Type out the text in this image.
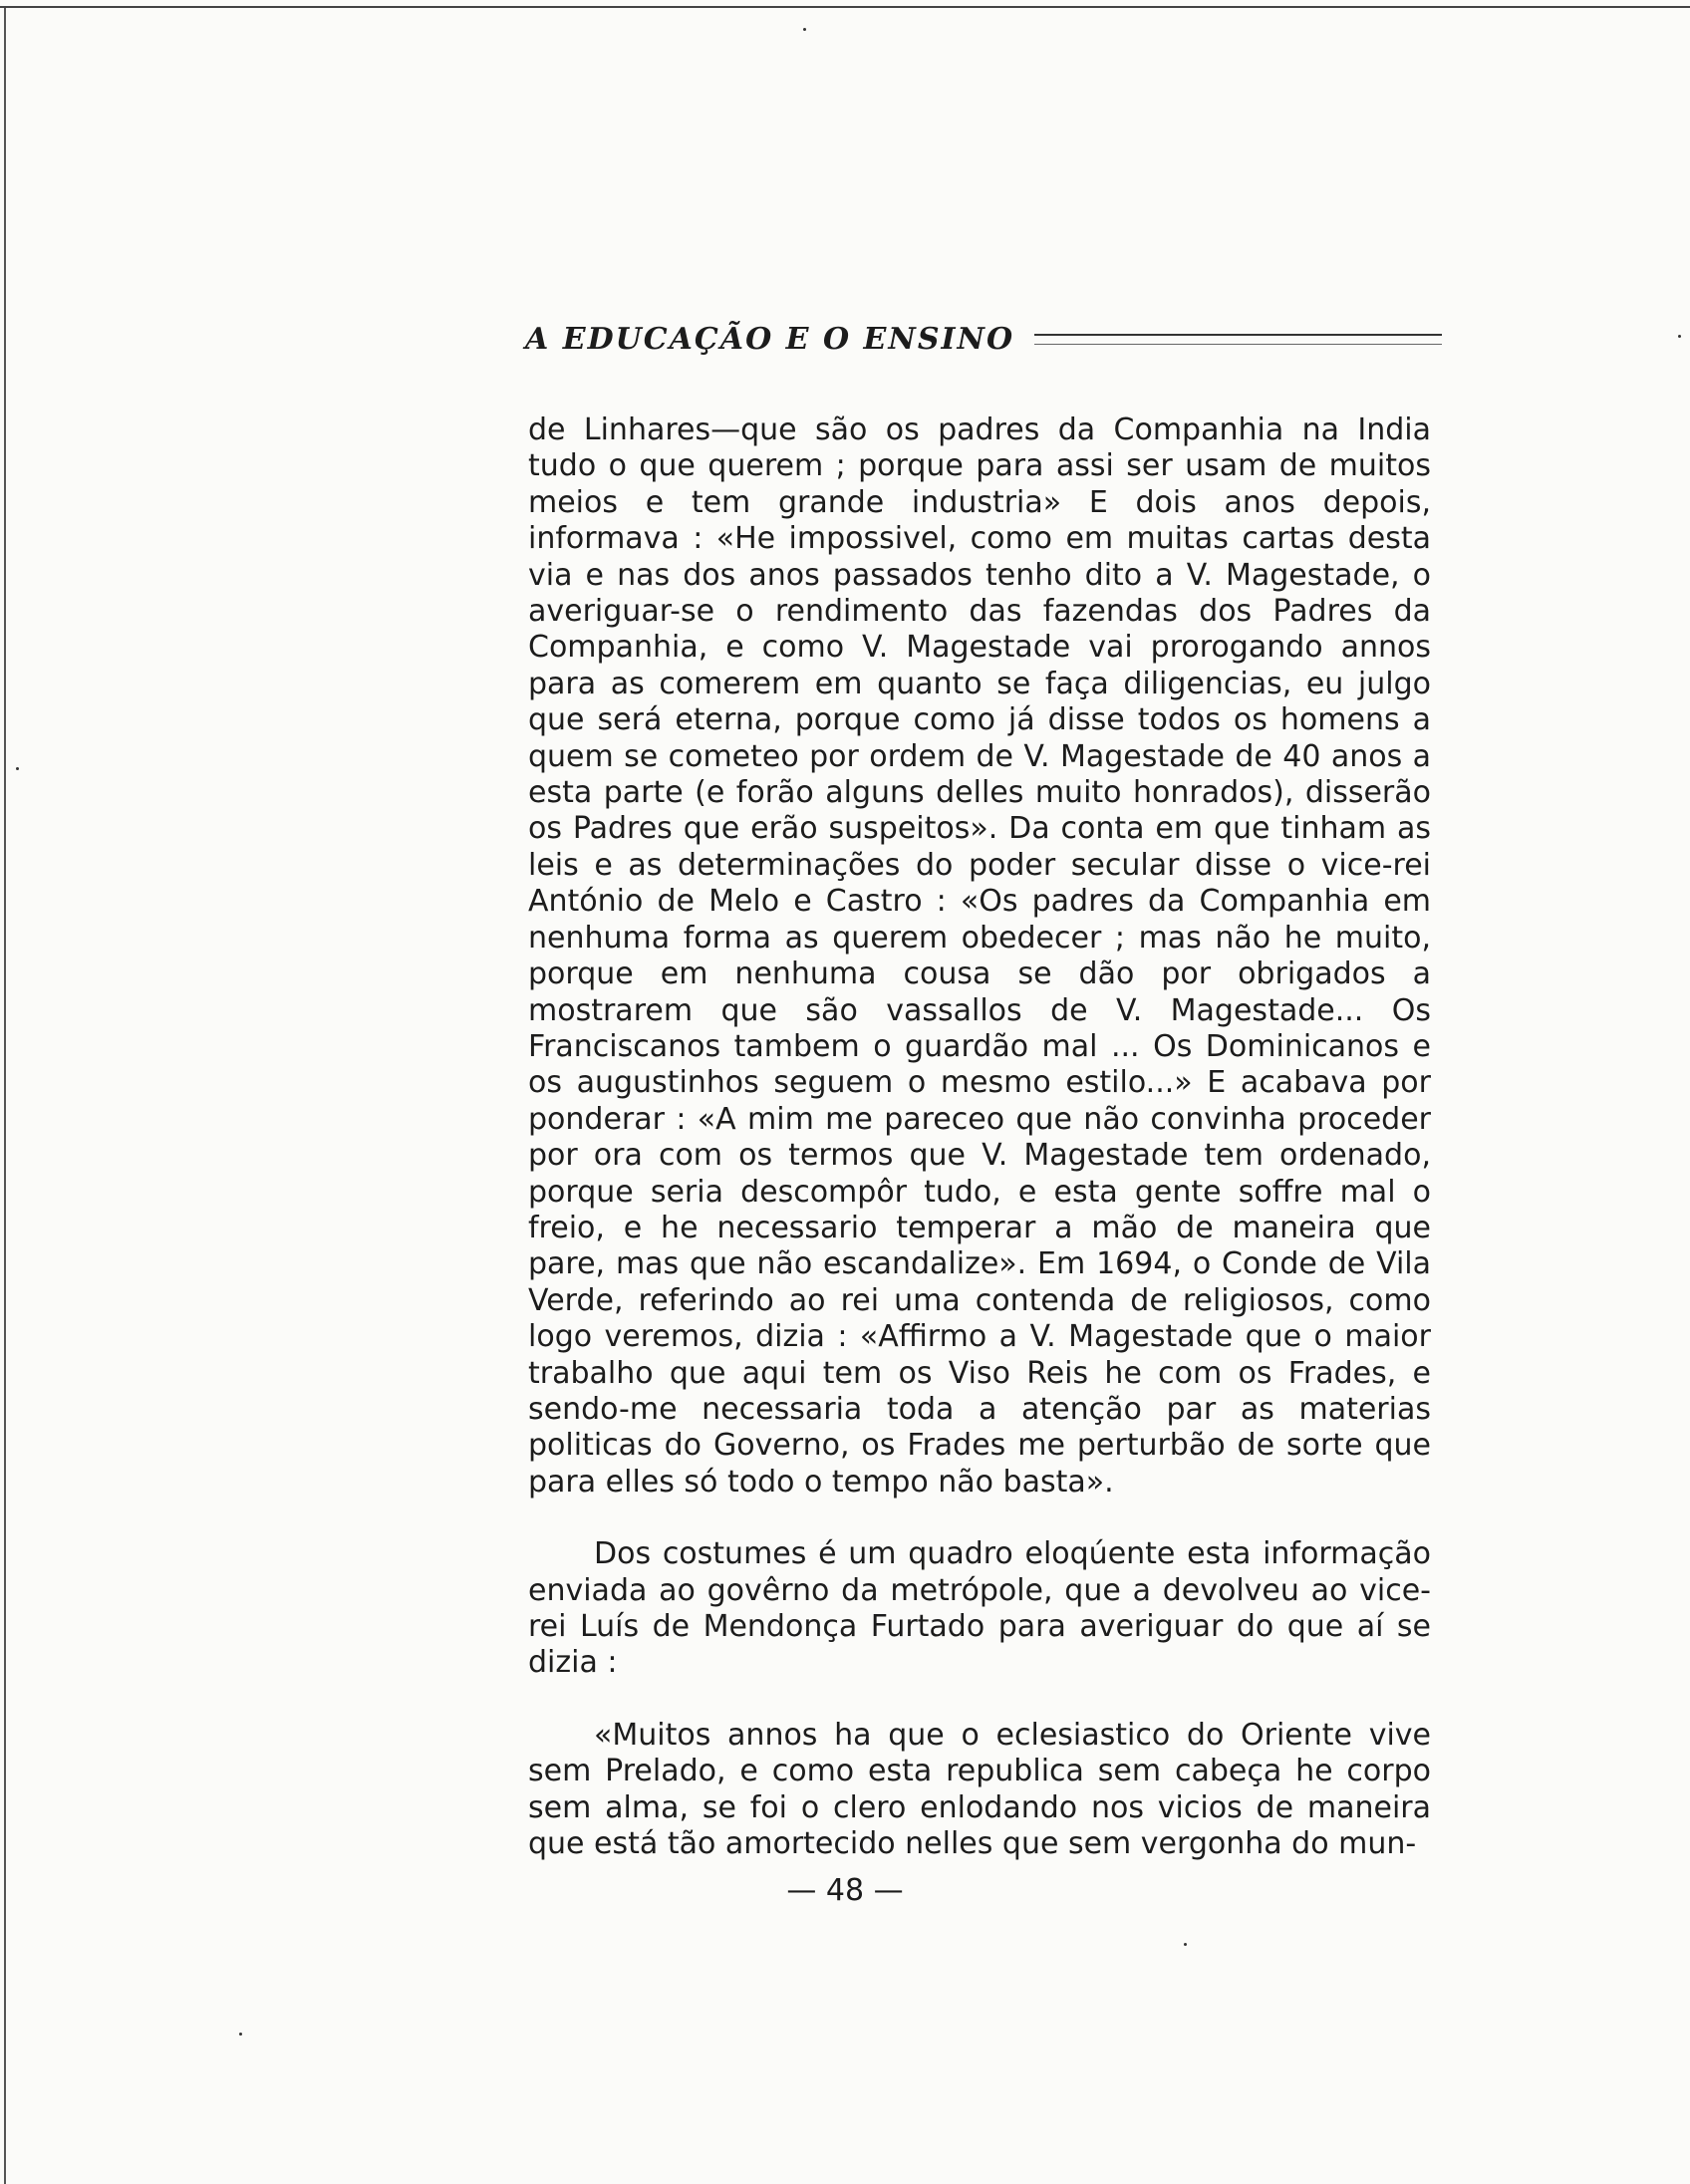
A EDUCAÇÃO E O ENSINO

de Linhares—que são os padres da Companhia na India tudo o que querem ; porque para assi ser usam de muitos meios e tem grande industria» E dois anos depois, informava : «He impossivel, como em muitas cartas desta via e nas dos anos passados tenho dito a V. Magestade, o averiguar-se o rendimento das fazendas dos Padres da Companhia, e como V. Magestade vai prorogando annos para as comerem em quanto se faça diligencias, eu julgo que será eterna, porque como já disse todos os homens a quem se cometeo por ordem de V. Magestade de 40 anos a esta parte (e forão alguns delles muito honrados), disserão os Padres que erão suspeitos». Da conta em que tinham as leis e as determinações do poder secular disse o vice-rei António de Melo e Castro : «Os padres da Companhia em nenhuma forma as querem obedecer ; mas não he muito, porque em nenhuma cousa se dão por obrigados a mostrarem que são vassallos de V. Magestade... Os Franciscanos tambem o guardão mal ... Os Dominicanos e os augustinhos seguem o mesmo estilo...» E acabava por ponderar : «A mim me pareceo que não convinha proceder por ora com os termos que V. Magestade tem ordenado, porque seria descompôr tudo, e esta gente soffre mal o freio, e he necessario temperar a mão de maneira que pare, mas que não escandalize». Em 1694, o Conde de Vila Verde, referindo ao rei uma contenda de religiosos, como logo veremos, dizia : «Affirmo a V. Magestade que o maior trabalho que aqui tem os Viso Reis he com os Frades, e sendo-me necessaria toda a atenção par as materias politicas do Governo, os Frades me perturbão de sorte que para elles só todo o tempo não basta».

Dos costumes é um quadro eloqúente esta informação enviada ao govêrno da metrópole, que a devolveu ao vice-rei Luís de Mendonça Furtado para averiguar do que aí se dizia :

«Muitos annos ha que o eclesiastico do Oriente vive sem Prelado, e como esta republica sem cabeça he corpo sem alma, se foi o clero enlodando nos vicios de maneira que está tão amortecido nelles que sem vergonha do mun-

— 48 —
